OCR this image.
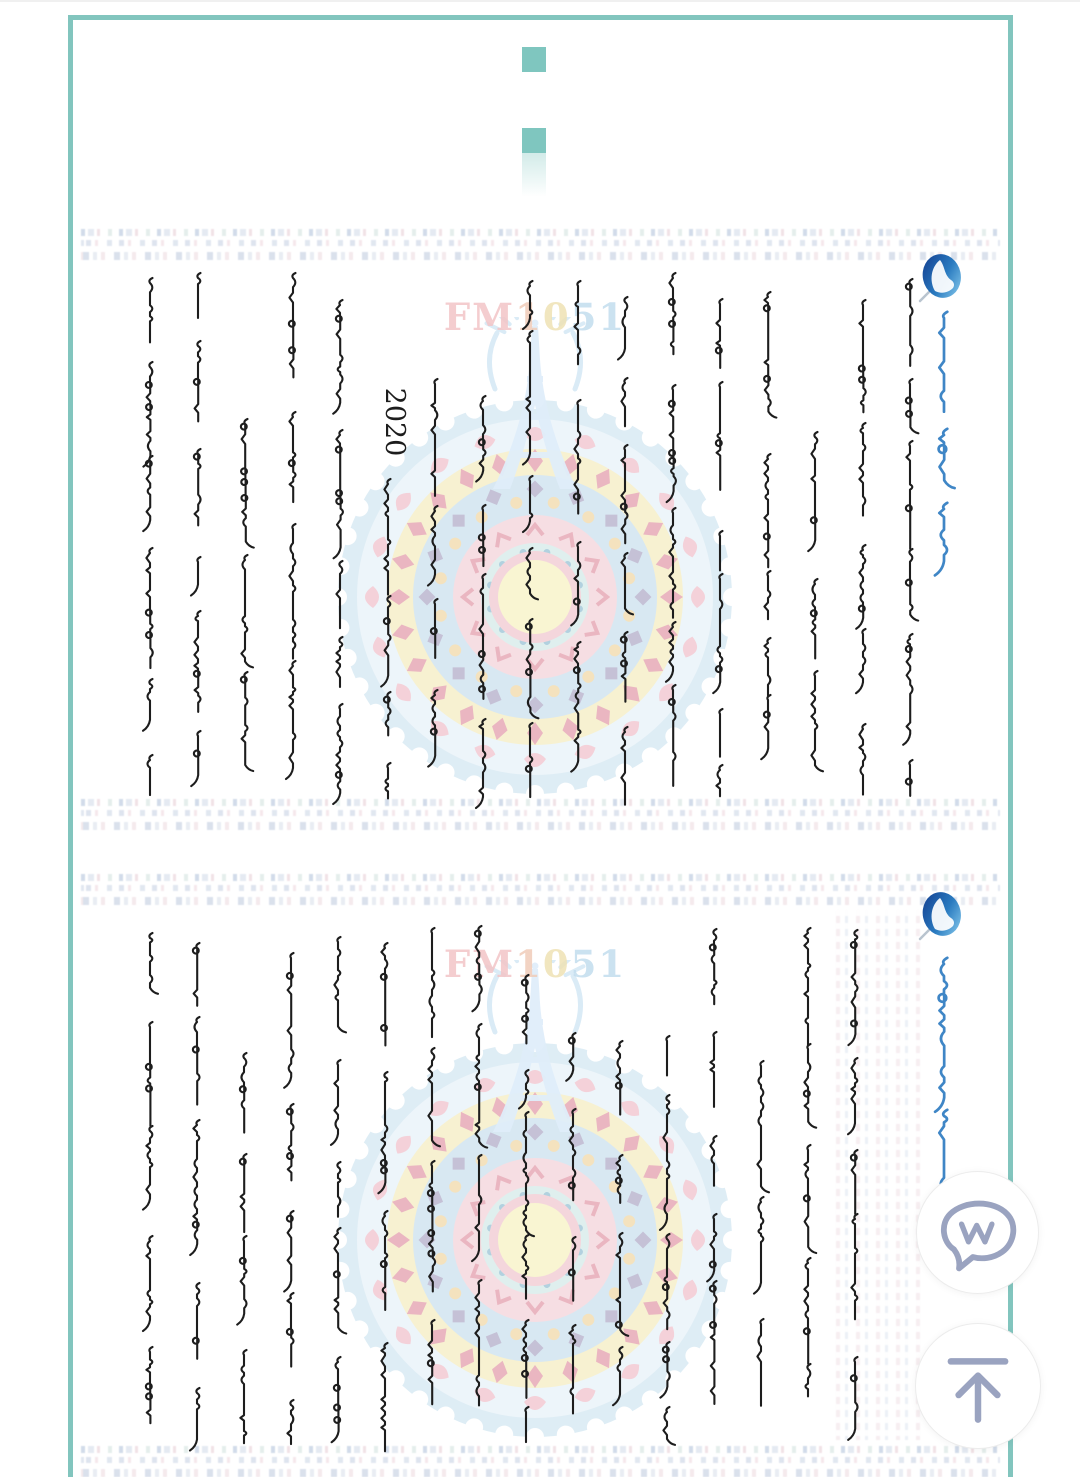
FM1051
2020
FM1051
